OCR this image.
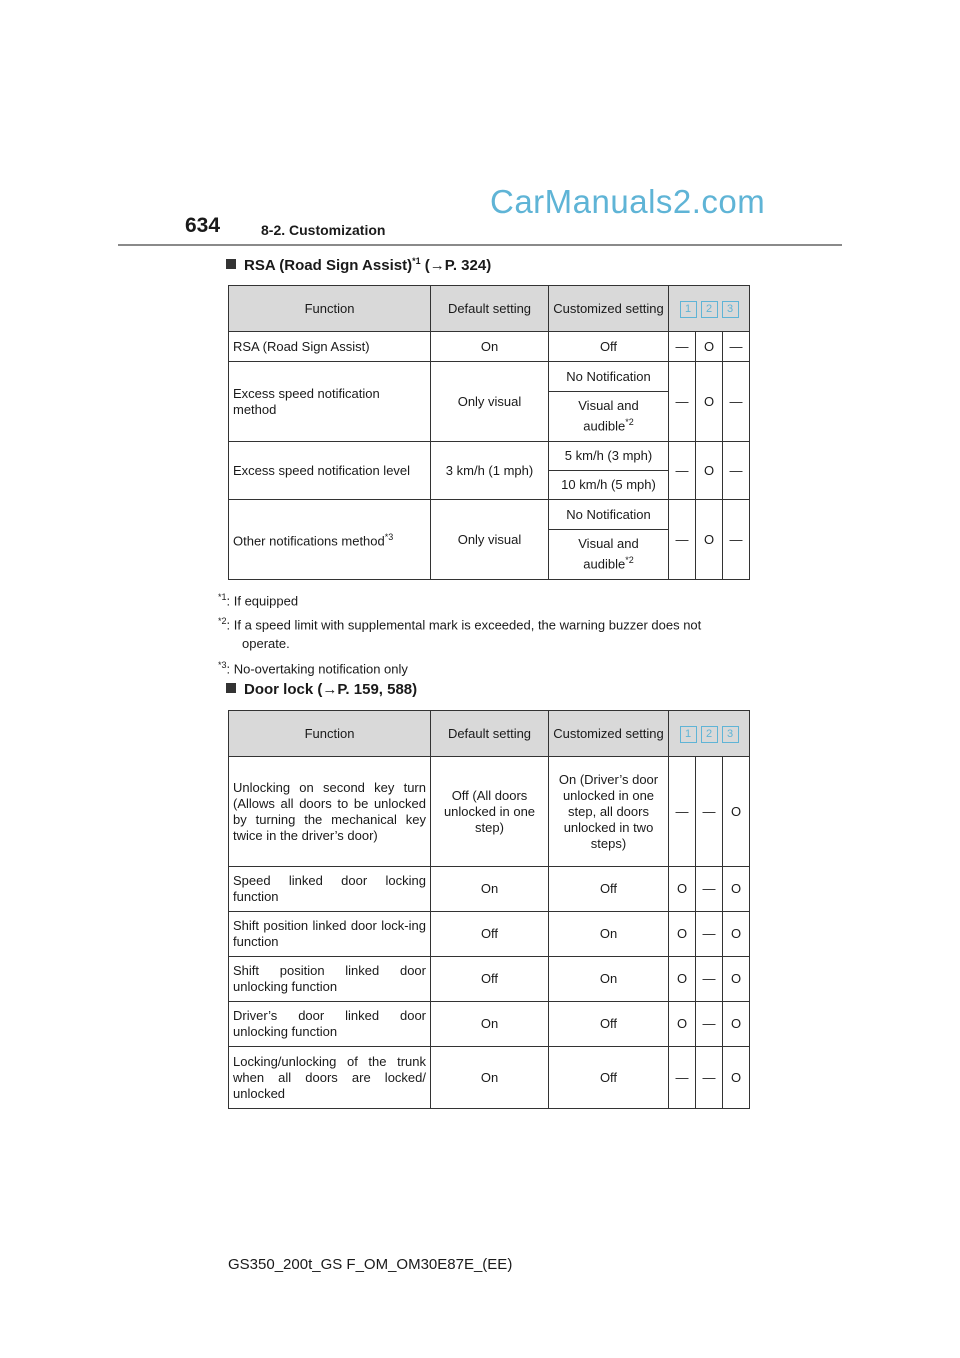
634	8-2. Customization
CarManuals2.com
RSA (Road Sign Assist)$^{*1}$ (→P. 324)
Function	Default setting	Customized setting	1 2 3		
RSA (Road Sign Assist)	On	Off	—	O	—
Excess speed notification method	Only visual	No Notification	—	O	—
		Visual and audible$^{*2}$
Excess speed notification level	3 km/h (1 mph)	5 km/h (3 mph)	—	O	—
		10 km/h (5 mph)			
Other notifications method$^{*3}$	Only visual	No Notification	—	O	—
		Visual and audible$^{*2}$
$^{*1}$: If equipped
$^{*2}$: If a speed limit with supplemental mark is exceeded, the warning buzzer does not
operate.
$^{*3}$: No-overtaking notification only
Door lock (→P. 159, 588)
Function	Default setting	Customized setting	1 2 3		
Unlocking on second key turn (Allows all doors to be unlocked by turning the mechanical key twice in the driver’s door)	Off (All doors unlocked in one step)	On (Driver’s door unlocked in one step, all doors unlocked in two steps)	—	—	O
Speed linked door locking function	On	Off	O	—	O
Shift position linked door lock-ing function	Off	On	O	—	O
Shift position linked door unlocking function	Off	On	O	—	O
Driver’s door linked door unlocking function	On	Off	O	—	O
Locking/unlocking of the trunk when all doors are locked/ unlocked	On	Off	—	—	O
GS350_200t_GS F_OM_OM30E87E_(EE)
